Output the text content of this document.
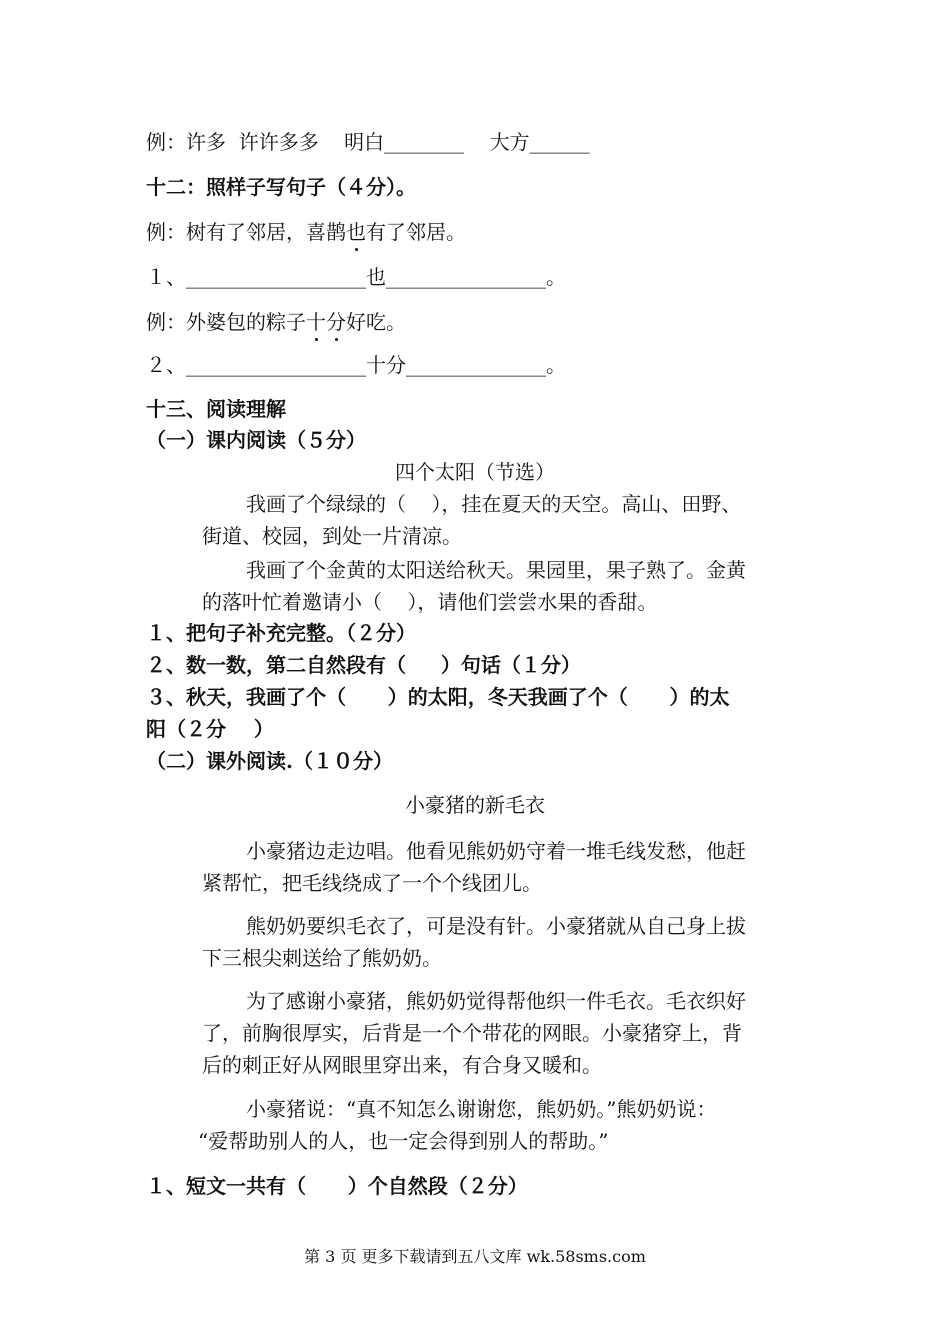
例：许多  许许多多    明白________    大方______
十二：照样子写句子（４分）。
例：树有了邻居，喜鹊也有了邻居。
１、__________________也________________。
例：外婆包的粽子十分好吃。
２、__________________十分______________。
十三、阅读理解
（一）课内阅读（５分）
四个太阳（节选）
我画了个绿绿的（    ），挂在夏天的天空。高山、田野、
街道、校园，到处一片清凉。
我画了个金黄的太阳送给秋天。果园里，果子熟了。金黄
的落叶忙着邀请小（    ），请他们尝尝水果的香甜。
１、把句子补充完整。（２分）
２、数一数，第二自然段有（     ）句话（１分）
３、秋天，我画了个（      ）的太阳，冬天我画了个（      ）的太
阳（２分    ）
（二）课外阅读.（１０分）
小豪猪的新毛衣
小豪猪边走边唱。他看见熊奶奶守着一堆毛线发愁，他赶
紧帮忙，把毛线绕成了一个个线团儿。
熊奶奶要织毛衣了，可是没有针。小豪猪就从自己身上拔
下三根尖刺送给了熊奶奶。
为了感谢小豪猪，熊奶奶觉得帮他织一件毛衣。毛衣织好
了，前胸很厚实，后背是一个个带花的网眼。小豪猪穿上，背
后的刺正好从网眼里穿出来，有合身又暖和。
小豪猪说：“真不知怎么谢谢您，熊奶奶。”熊奶奶说：
“爱帮助别人的人，也一定会得到别人的帮助。”
１、短文一共有（      ）个自然段（２分）
第 3 页 更多下载请到五八文库 wk.58sms.com
